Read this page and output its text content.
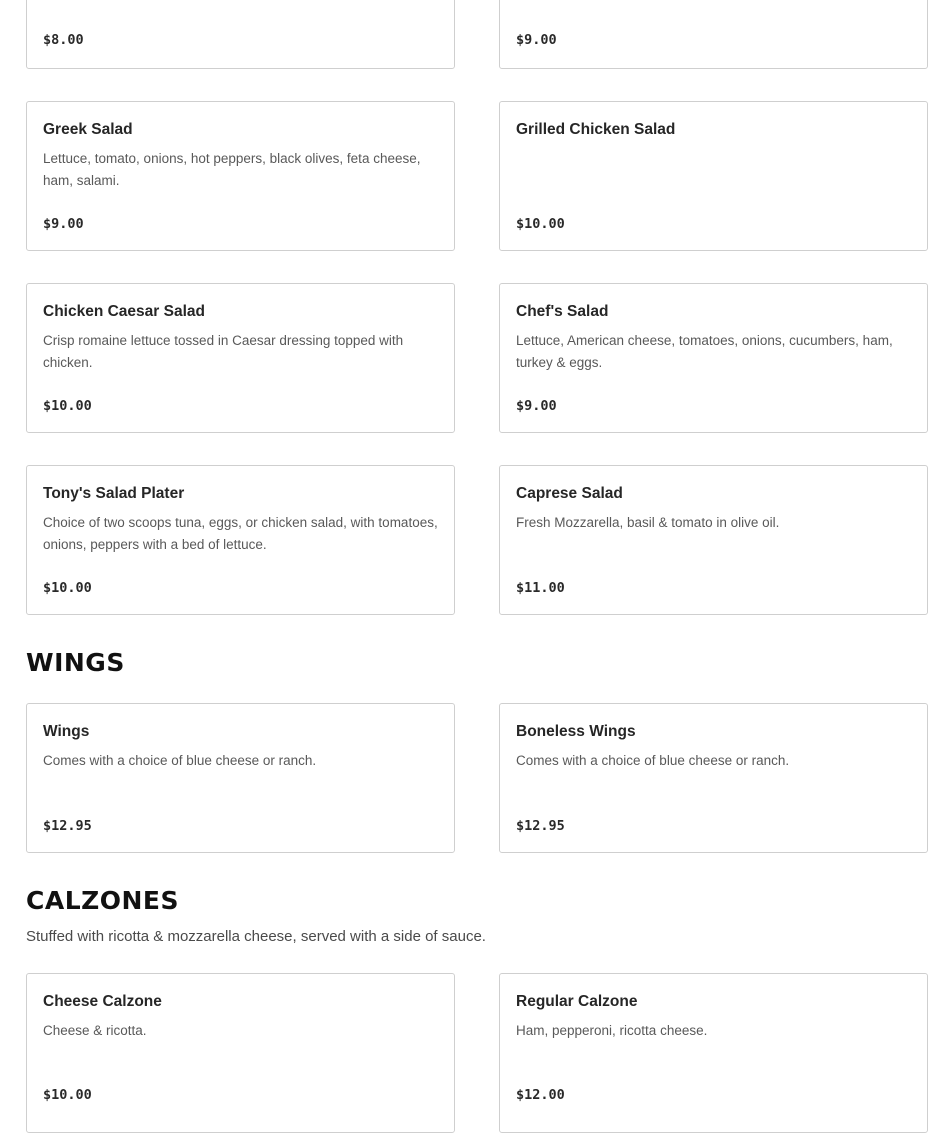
$8.00	$9.00
Greek Salad
Lettuce, tomato, onions, hot peppers, black olives, feta cheese, ham, salami.
$9.00
Grilled Chicken Salad
$10.00
Chicken Caesar Salad
Crisp romaine lettuce tossed in Caesar dressing topped with chicken.
$10.00
Chef's Salad
Lettuce, American cheese, tomatoes, onions, cucumbers, ham, turkey & eggs.
$9.00
Tony's Salad Plater
Choice of two scoops tuna, eggs, or chicken salad, with tomatoes, onions, peppers with a bed of lettuce.
$10.00
Caprese Salad
Fresh Mozzarella, basil & tomato in olive oil.
$11.00
WINGS
Wings
Comes with a choice of blue cheese or ranch.
$12.95
Boneless Wings
Comes with a choice of blue cheese or ranch.
$12.95
CALZONES
Stuffed with ricotta & mozzarella cheese, served with a side of sauce.
Cheese Calzone
Cheese & ricotta.
$10.00
Regular Calzone
Ham, pepperoni, ricotta cheese.
$12.00
